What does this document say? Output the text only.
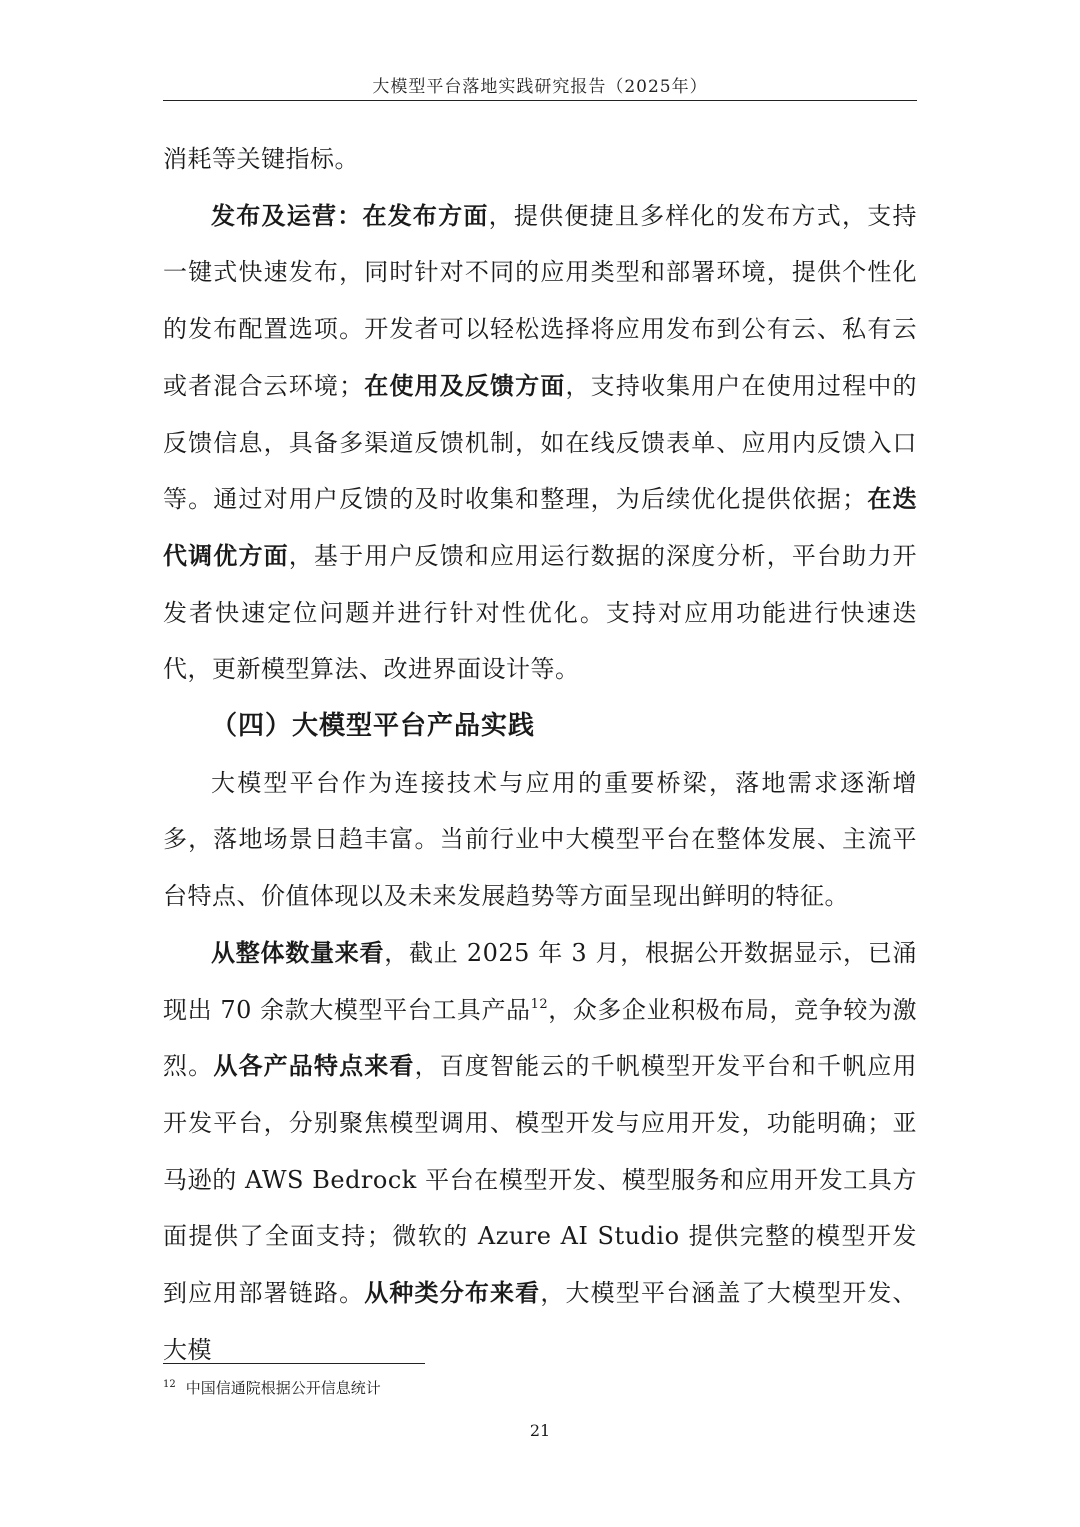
大模型平台落地实践研究报告（2025年）

消耗等关键指标。

发布及运营：在发布方面，提供便捷且多样化的发布方式，支持一键式快速发布，同时针对不同的应用类型和部署环境，提供个性化的发布配置选项。开发者可以轻松选择将应用发布到公有云、私有云或者混合云环境；在使用及反馈方面，支持收集用户在使用过程中的反馈信息，具备多渠道反馈机制，如在线反馈表单、应用内反馈入口等。通过对用户反馈的及时收集和整理，为后续优化提供依据；在迭代调优方面，基于用户反馈和应用运行数据的深度分析，平台助力开发者快速定位问题并进行针对性优化。支持对应用功能进行快速迭代，更新模型算法、改进界面设计等。

（四）大模型平台产品实践

大模型平台作为连接技术与应用的重要桥梁，落地需求逐渐增多，落地场景日趋丰富。当前行业中大模型平台在整体发展、主流平台特点、价值体现以及未来发展趋势等方面呈现出鲜明的特征。

从整体数量来看，截止 2025 年 3 月，根据公开数据显示，已涌现出 70 余款大模型平台工具产品$^{12}$，众多企业积极布局，竞争较为激烈。从各产品特点来看，百度智能云的千帆模型开发平台和千帆应用开发平台，分别聚焦模型调用、模型开发与应用开发，功能明确；亚马逊的 AWS Bedrock 平台在模型开发、模型服务和应用开发工具方面提供了全面支持；微软的 Azure AI Studio 提供完整的模型开发到应用部署链路。从种类分布来看，大模型平台涵盖了大模型开发、大模

$^{12}$ 中国信通院根据公开信息统计
21
